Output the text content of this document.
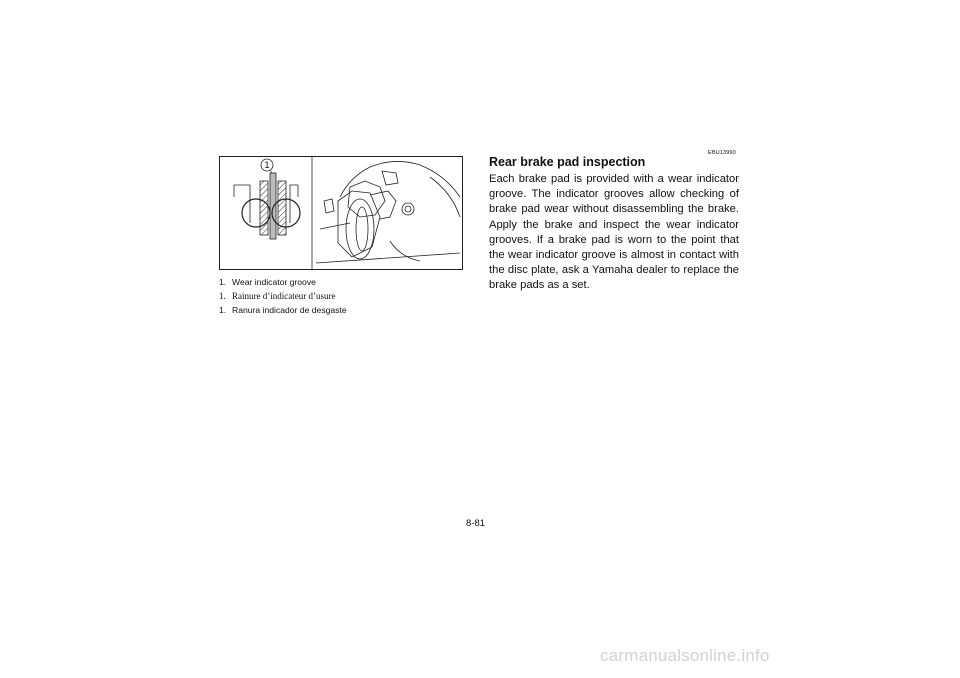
1
1. Wear indicator groove
1. Rainure d’indicateur d’usure
1. Ranura indicador de desgaste
EBU13990
Rear brake pad inspection
Each brake pad is provided with a wear indicator groove. The indicator grooves allow checking of brake pad wear without disassembling the brake. Apply the brake and inspect the wear indicator grooves. If a brake pad is worn to the point that the wear indicator groove is almost in contact with the disc plate, ask a Yamaha dealer to replace the brake pads as a set.
8-81
carmanualsonline.info
